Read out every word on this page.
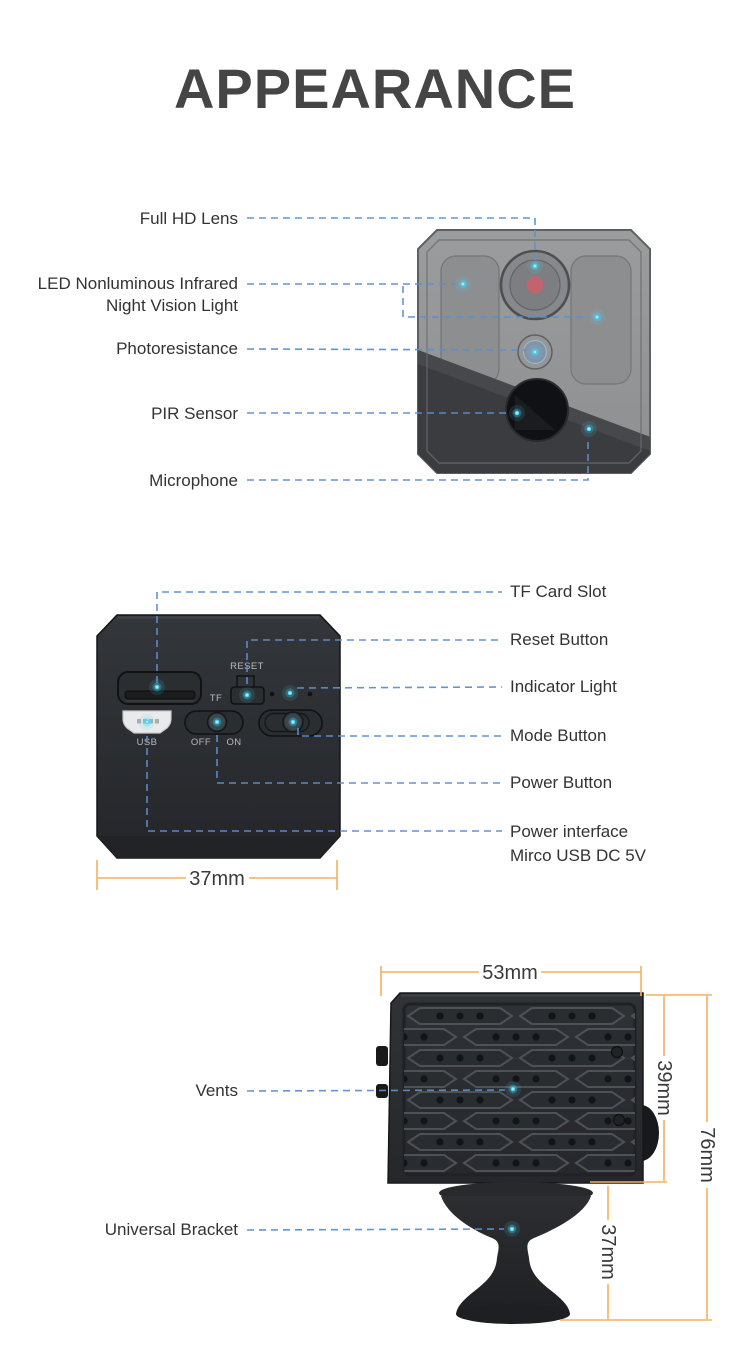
APPEARANCE
Full HD Lens
LED Nonluminous Infrared
Night Vision Light
Photoresistance
PIR Sensor
Microphone
TF Card Slot
Reset Button
Indicator Light
Mode Button
Power Button
Power interface
Mirco USB DC 5V
Vents
Universal Bracket
RESET
TF
OFF ON
USB
37mm
53mm
39mm
76mm
37mm
